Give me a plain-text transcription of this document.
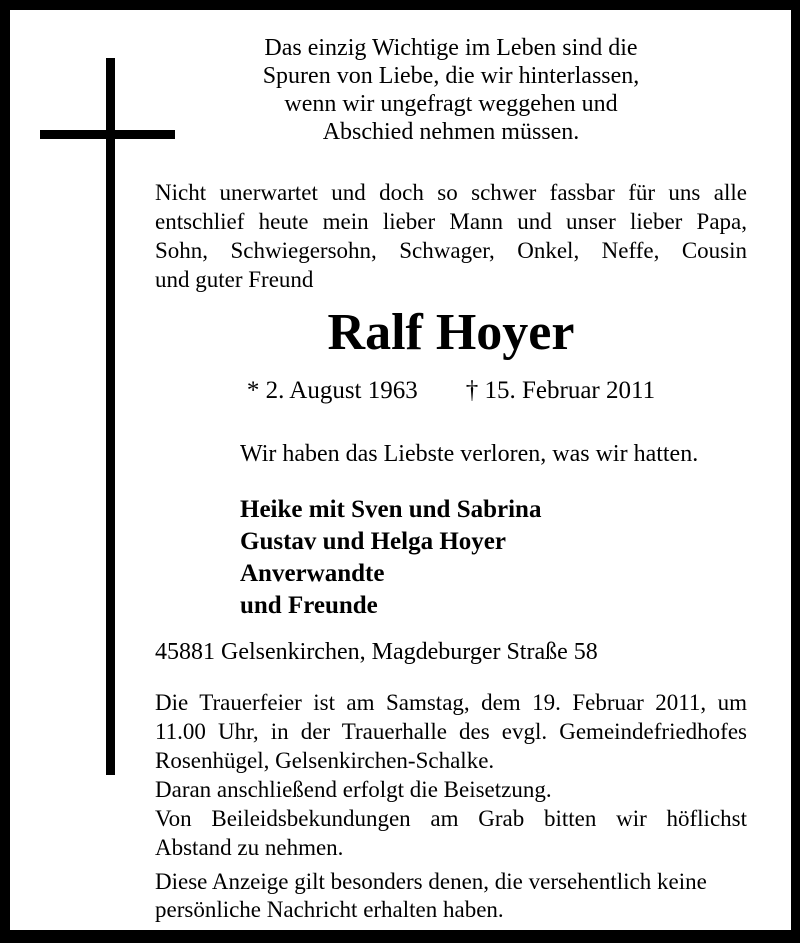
Das einzig Wichtige im Leben sind die
Spuren von Liebe, die wir hinterlassen,
wenn wir ungefragt weggehen und
Abschied nehmen müssen.
Nicht unerwartet und doch so schwer fassbar für uns alle
entschlief heute mein lieber Mann und unser lieber Papa,
Sohn, Schwiegersohn, Schwager, Onkel, Neffe, Cousin
und guter Freund
Ralf Hoyer
* 2. August 1963 † 15. Februar 2011
Wir haben das Liebste verloren, was wir hatten.
Heike mit Sven und Sabrina
Gustav und Helga Hoyer
Anverwandte
und Freunde
45881 Gelsenkirchen, Magdeburger Straße 58
Die Trauerfeier ist am Samstag, dem 19. Februar 2011, um
11.00 Uhr, in der Trauerhalle des evgl. Gemeindefriedhofes
Rosenhügel, Gelsenkirchen-Schalke.
Daran anschließend erfolgt die Beisetzung.
Von Beileidsbekundungen am Grab bitten wir höflichst
Abstand zu nehmen.
Diese Anzeige gilt besonders denen, die versehentlich keine
persönliche Nachricht erhalten haben.
